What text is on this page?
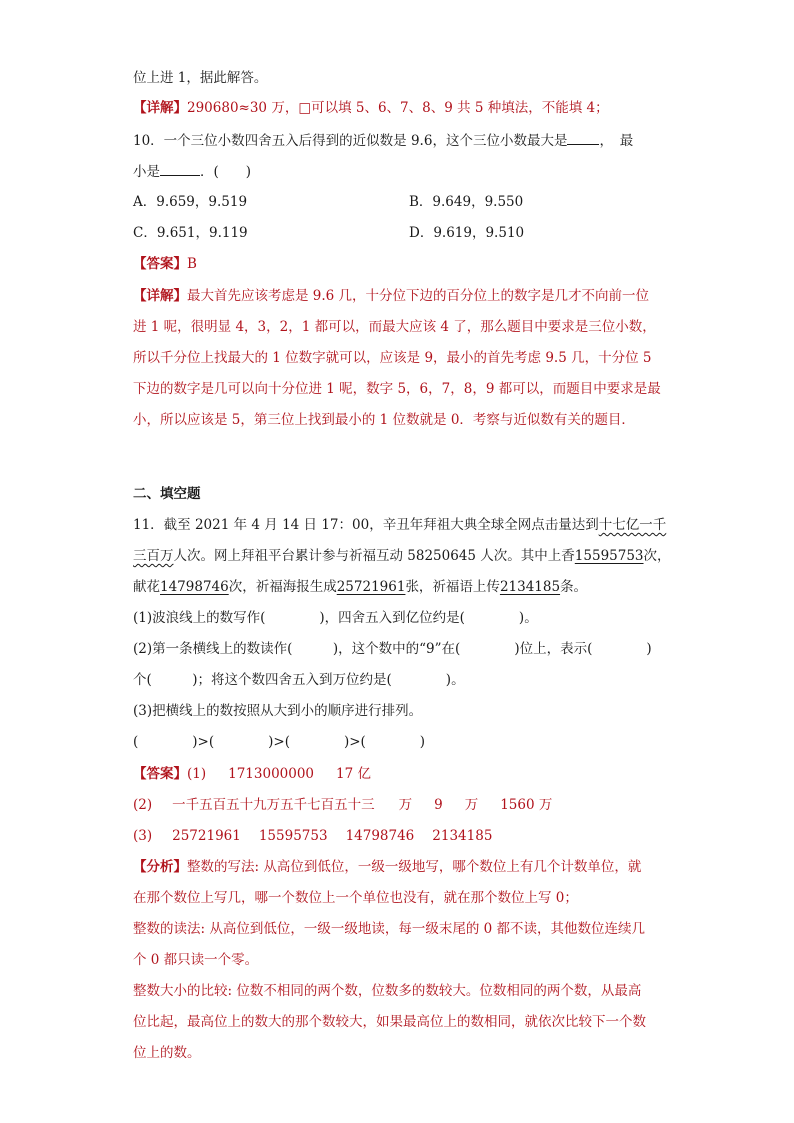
位上进 1，据此解答。
【详解】290680≈30 万，□可以填 5、6、7、8、9 共 5 种填法，不能填 4；
10．一个三位小数四舍五入后得到的近似数是 9.6，这个三位小数最大是 ，　最
小是	．(　　)
A．9.659，9.519	B．9.649，9.550
C．9.651，9.119	D．9.619，9.510
【答案】B
【详解】最大首先应该考虑是 9.6 几，十分位下边的百分位上的数字是几才不向前一位
进 1 呢，很明显 4，3，2，1 都可以，而最大应该 4 了，那么题目中要求是三位小数，
所以千分位上找最大的 1 位数字就可以，应该是 9，最小的首先考虑 9.5 几，十分位 5
下边的数字是几可以向十分位进 1 呢，数字 5，6，7，8，9 都可以，而题目中要求是最
小，所以应该是 5，第三位上找到最小的 1 位数就是 0．考察与近似数有关的题目．
二、填空题
11．截至 2021 年 4 月 14 日 17：00，辛丑年拜祖大典全球全网点击量达到十七亿一千
三百万人次。网上拜祖平台累计参与祈福互动 58250645 人次。其中上香15595753次，
献花14798746次，祈福海报生成25721961张，祈福语上传2134185条。
(1)波浪线上的数写作(　　　　)，四舍五入到亿位约是(　　　　)。
(2)第一条横线上的数读作(　　　)，这个数中的“9”在(　　　　)位上，表示(　　　　)
个(　　　)；将这个数四舍五入到万位约是(　　　　)。
(3)把横线上的数按照从大到小的顺序进行排列。
(　　　　)>(　　　　)>(　　　　)>(　　　　)
【答案】(1) 1713000000 17 亿
(2) 一千五百五十九万五千七百五十三 万 9 万 1560 万
(3) 25721961 15595753 14798746 2134185
【分析】整数的写法: 从高位到低位，一级一级地写，哪个数位上有几个计数单位，就
在那个数位上写几，哪一个数位上一个单位也没有，就在那个数位上写 0；
整数的读法: 从高位到低位，一级一级地读，每一级末尾的 0 都不读，其他数位连续几
个 0 都只读一个零。
整数大小的比较: 位数不相同的两个数，位数多的数较大。位数相同的两个数，从最高
位比起，最高位上的数大的那个数较大，如果最高位上的数相同，就依次比较下一个数
位上的数。
